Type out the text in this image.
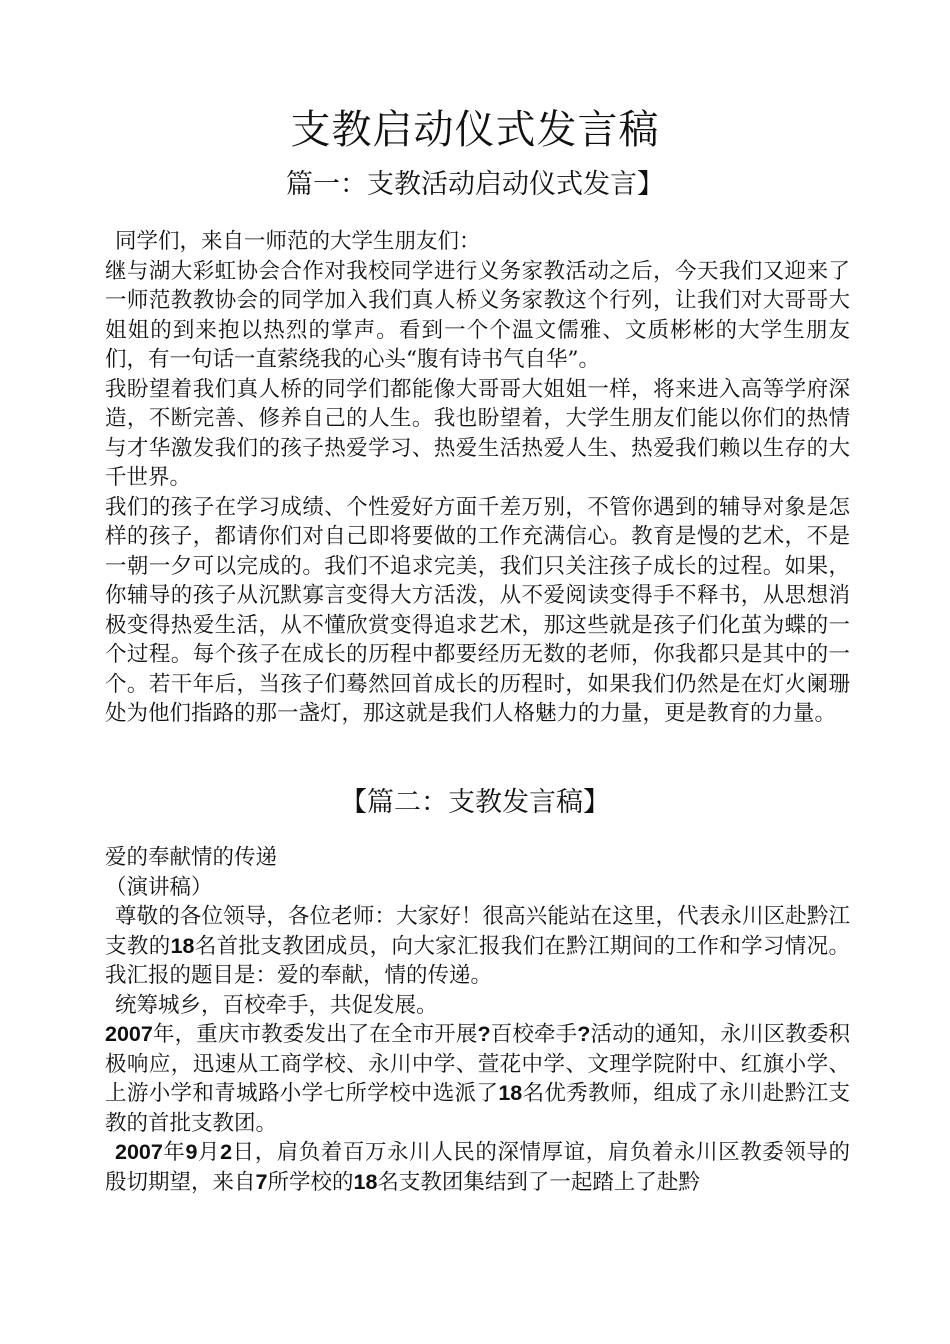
支教启动仪式发言稿
篇一：支教活动启动仪式发言】

同学们，来自一师范的大学生朋友们：

继与湖大彩虹协会合作对我校同学进行义务家教活动之后，今天我们又迎来了一师范教教协会的同学加入我们真人桥义务家教这个行列，让我们对大哥哥大姐姐的到来抱以热烈的掌声。看到一个个温文儒雅、文质彬彬的大学生朋友们，有一句话一直萦绕我的心头“腹有诗书气自华”。

我盼望着我们真人桥的同学们都能像大哥哥大姐姐一样，将来进入高等学府深造，不断完善、修养自己的人生。我也盼望着，大学生朋友们能以你们的热情与才华激发我们的孩子热爱学习、热爱生活热爱人生、热爱我们赖以生存的大千世界。

我们的孩子在学习成绩、个性爱好方面千差万别，不管你遇到的辅导对象是怎样的孩子，都请你们对自己即将要做的工作充满信心。教育是慢的艺术，不是一朝一夕可以完成的。我们不追求完美，我们只关注孩子成长的过程。如果，你辅导的孩子从沉默寡言变得大方活泼，从不爱阅读变得手不释书，从思想消极变得热爱生活，从不懂欣赏变得追求艺术，那这些就是孩子们化茧为蝶的一个过程。每个孩子在成长的历程中都要经历无数的老师，你我都只是其中的一个。若干年后，当孩子们蓦然回首成长的历程时，如果我们仍然是在灯火阑珊处为他们指路的那一盏灯，那这就是我们人格魅力的力量，更是教育的力量。

【篇二：支教发言稿】

爱的奉献情的传递

（演讲稿）

尊敬的各位领导，各位老师：大家好！很高兴能站在这里，代表永川区赴黔江支教的18名首批支教团成员，向大家汇报我们在黔江期间的工作和学习情况。我汇报的题目是：爱的奉献，情的传递。

统筹城乡，百校牵手，共促发展。

2007年，重庆市教委发出了在全市开展?百校牵手?活动的通知，永川区教委积极响应，迅速从工商学校、永川中学、萱花中学、文理学院附中、红旗小学、上游小学和青城路小学七所学校中选派了18名优秀教师，组成了永川赴黔江支教的首批支教团。

2007年9月2日，肩负着百万永川人民的深情厚谊，肩负着永川区教委领导的殷切期望，来自7所学校的18名支教团集结到了一起踏上了赴黔
